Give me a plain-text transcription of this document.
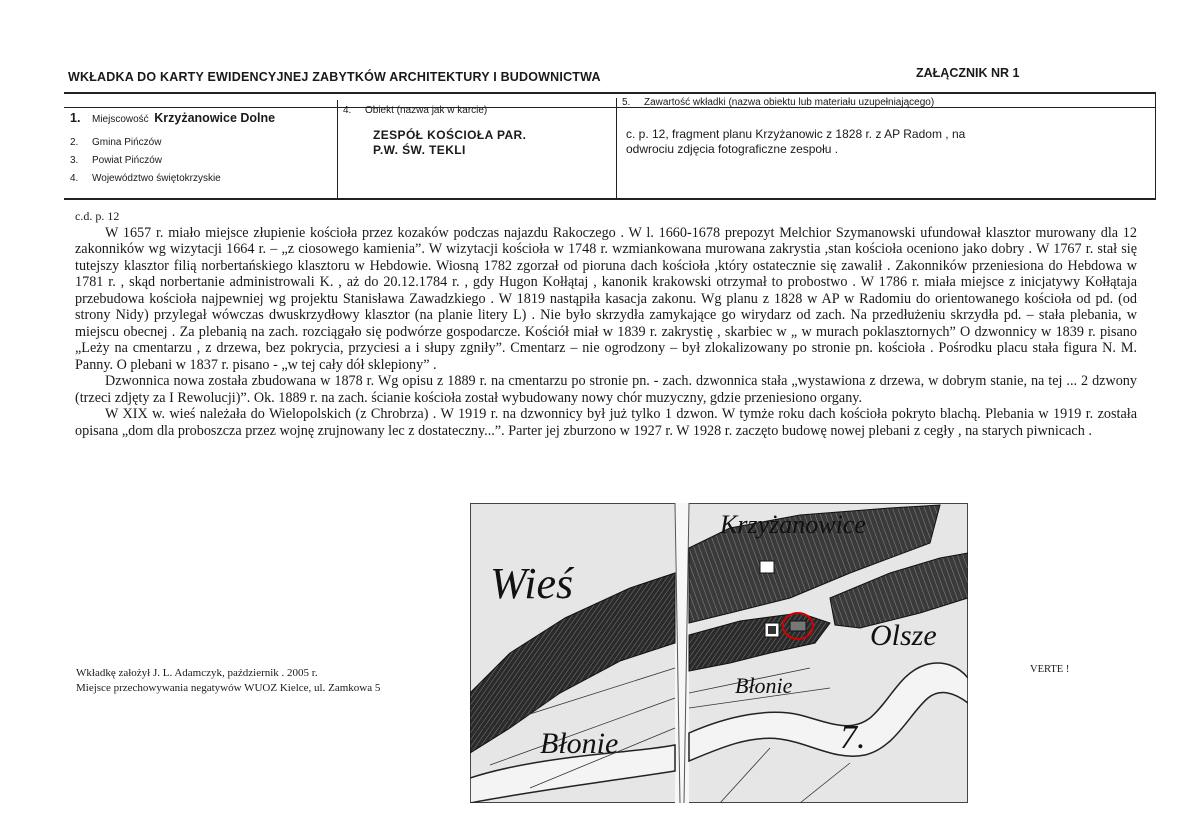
WKŁADKA DO KARTY EWIDENCYJNEJ ZABYTKÓW ARCHITEKTURY I BUDOWNICTWA	ZAŁĄCZNIK NR 1
1. Miejscowość Krzyżanowice Dolne
2. Gmina Pińczów
3. Powiat Pińczów
4. Województwo świętokrzyskie
4. Obiekt (nazwa jak w karcie)
ZESPÓŁ KOŚCIOŁA PAR.
P.W. ŚW. TEKLI
5. Zawartość wkładki (nazwa obiektu lub materiału uzupełniającego)
c. p. 12, fragment planu Krzyżanowic z 1828 r. z AP Radom , na
odwrociu zdjęcia fotograficzne zespołu .

c.d. p. 12

W 1657 r. miało miejsce złupienie kościoła przez kozaków podczas najazdu Rakoczego . W l. 1660-1678 prepozyt Melchior Szymanowski ufundował klasztor murowany dla 12 zakonników wg wizytacji 1664 r. – „z ciosowego kamienia”. W wizytacji kościoła w 1748 r. wzmiankowana murowana zakrystia ,stan kościoła oceniono jako dobry . W 1767 r. stał się tutejszy klasztor filią norbertańskiego klasztoru w Hebdowie. Wiosną 1782 zgorzał od pioruna dach kościoła ,który ostatecznie się zawalił . Zakonników przeniesiona do Hebdowa w 1781 r. , skąd norbertanie administrowali K. , aż do 20.12.1784 r. , gdy Hugon Kołłątaj , kanonik krakowski otrzymał to probostwo . W 1786 r. miała miejsce z inicjatywy Kołłątaja przebudowa kościoła najpewniej wg projektu Stanisława Zawadzkiego . W 1819 nastąpiła kasacja zakonu. Wg planu z 1828 w AP w Radomiu do orientowanego kościoła od pd. (od strony Nidy) przylegał wówczas dwuskrzydłowy klasztor (na planie litery L) . Nie było skrzydła zamykające go wirydarz od zach. Na przedłużeniu skrzydła pd. – stała plebania, w miejscu obecnej . Za plebanią na zach. rozciągało się podwórze gospodarcze. Kościół miał w 1839 r. zakrystię , skarbiec w „ w murach poklasztornych” O dzwonnicy w 1839 r. pisano „Leży na cmentarzu , z drzewa, bez pokrycia, przyciesi a i słupy zgniły”. Cmentarz – nie ogrodzony – był zlokalizowany po stronie pn. kościoła . Pośrodku placu stała figura N. M. Panny. O plebani w 1837 r. pisano - „w tej cały dół sklepiony” .

Dzwonnica nowa została zbudowana w 1878 r. Wg opisu z 1889 r. na cmentarzu po stronie pn. - zach. dzwonnica stała „wystawiona z drzewa, w dobrym stanie, na tej ... 2 dzwony (trzeci zdjęty za I Rewolucji)”. Ok. 1889 r. na zach. ścianie kościoła został wybudowany nowy chór muzyczny, gdzie przeniesiono organy.

W XIX w. wieś należała do Wielopolskich (z Chrobrza) . W 1919 r. na dzwonnicy był już tylko 1 dzwon. W tymże roku dach kościoła pokryto blachą. Plebania w 1919 r. została opisana „dom dla proboszcza przez wojnę zrujnowany lec z dostateczny...”. Parter jej zburzono w 1927 r. W 1928 r. zaczęto budowę nowej plebani z cegły , na starych piwnicach .

Wkładkę założył J. L. Adamczyk, październik . 2005 r.
Miejsce przechowywania negatywów WUOZ Kielce, ul. Zamkowa 5
VERTE !
Wieś
Krzyżanowice
Olsze
Błonie
Błonie	7.
